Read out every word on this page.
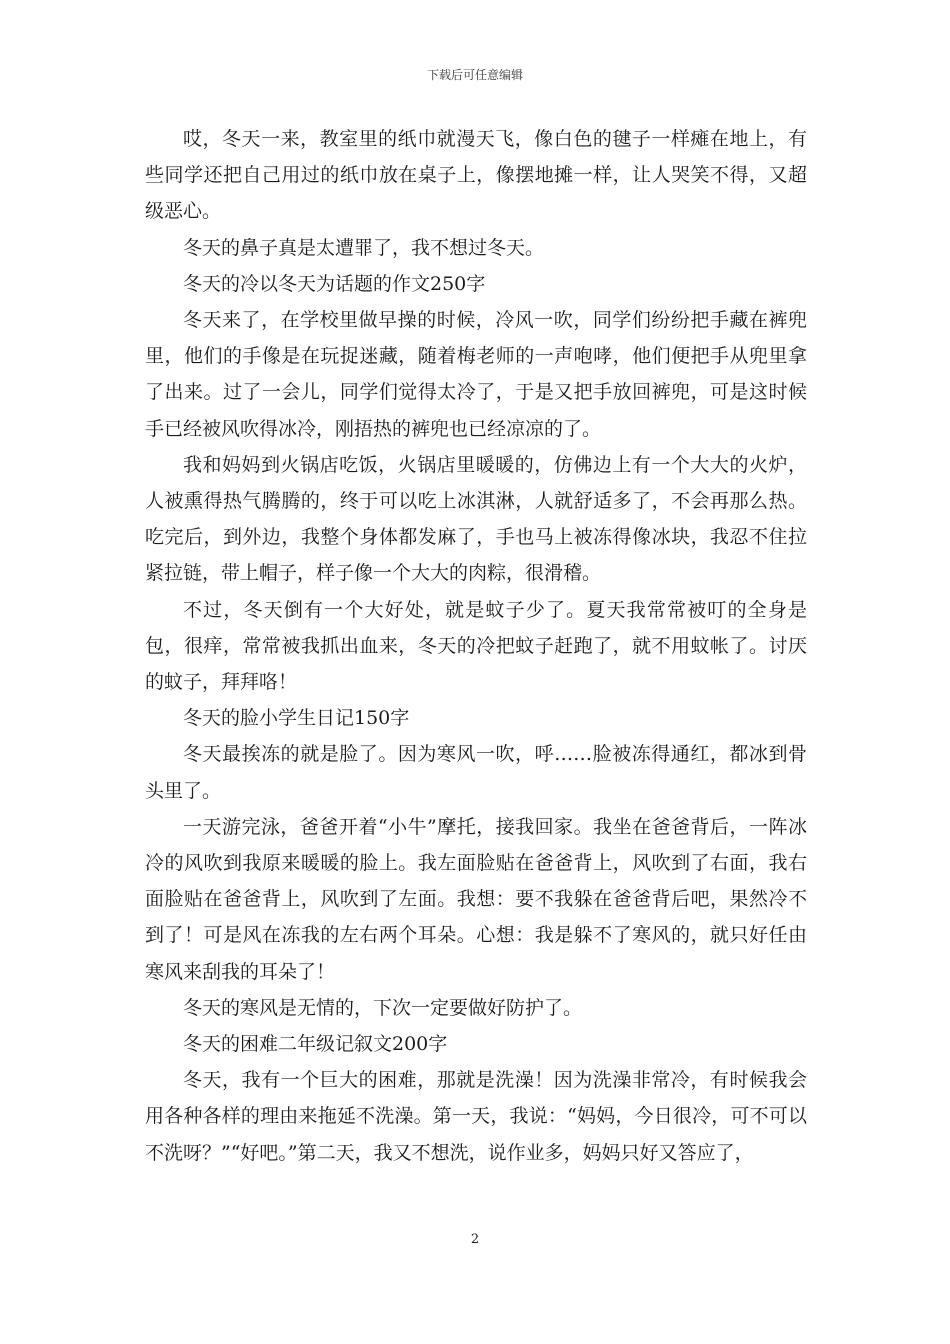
下载后可任意编辑

哎，冬天一来，教室里的纸巾就漫天飞，像白色的毽子一样瘫在地上，有些同学还把自己用过的纸巾放在桌子上，像摆地摊一样，让人哭笑不得，又超级恶心。

冬天的鼻子真是太遭罪了，我不想过冬天。

冬天的冷以冬天为话题的作文250字

冬天来了，在学校里做早操的时候，冷风一吹，同学们纷纷把手藏在裤兜里，他们的手像是在玩捉迷藏，随着梅老师的一声咆哮，他们便把手从兜里拿了出来。过了一会儿，同学们觉得太冷了，于是又把手放回裤兜，可是这时候手已经被风吹得冰冷，刚捂热的裤兜也已经凉凉的了。

我和妈妈到火锅店吃饭，火锅店里暖暖的，仿佛边上有一个大大的火炉，人被熏得热气腾腾的，终于可以吃上冰淇淋，人就舒适多了，不会再那么热。吃完后，到外边，我整个身体都发麻了，手也马上被冻得像冰块，我忍不住拉紧拉链，带上帽子，样子像一个大大的肉粽，很滑稽。

不过，冬天倒有一个大好处，就是蚊子少了。夏天我常常被叮的全身是包，很痒，常常被我抓出血来，冬天的冷把蚊子赶跑了，就不用蚊帐了。讨厌的蚊子，拜拜咯！

冬天的脸小学生日记150字

冬天最挨冻的就是脸了。因为寒风一吹，呼……脸被冻得通红，都冰到骨头里了。

一天游完泳，爸爸开着“小牛”摩托，接我回家。我坐在爸爸背后，一阵冰冷的风吹到我原来暖暖的脸上。我左面脸贴在爸爸背上，风吹到了右面，我右面脸贴在爸爸背上，风吹到了左面。我想：要不我躲在爸爸背后吧，果然冷不到了！可是风在冻我的左右两个耳朵。心想：我是躲不了寒风的，就只好任由寒风来刮我的耳朵了！

冬天的寒风是无情的，下次一定要做好防护了。

冬天的困难二年级记叙文200字

冬天，我有一个巨大的困难，那就是洗澡！因为洗澡非常冷，有时候我会用各种各样的理由来拖延不洗澡。第一天，我说：“妈妈，今日很冷，可不可以不洗呀？”“好吧。”第二天，我又不想洗，说作业多，妈妈只好又答应了，

2
